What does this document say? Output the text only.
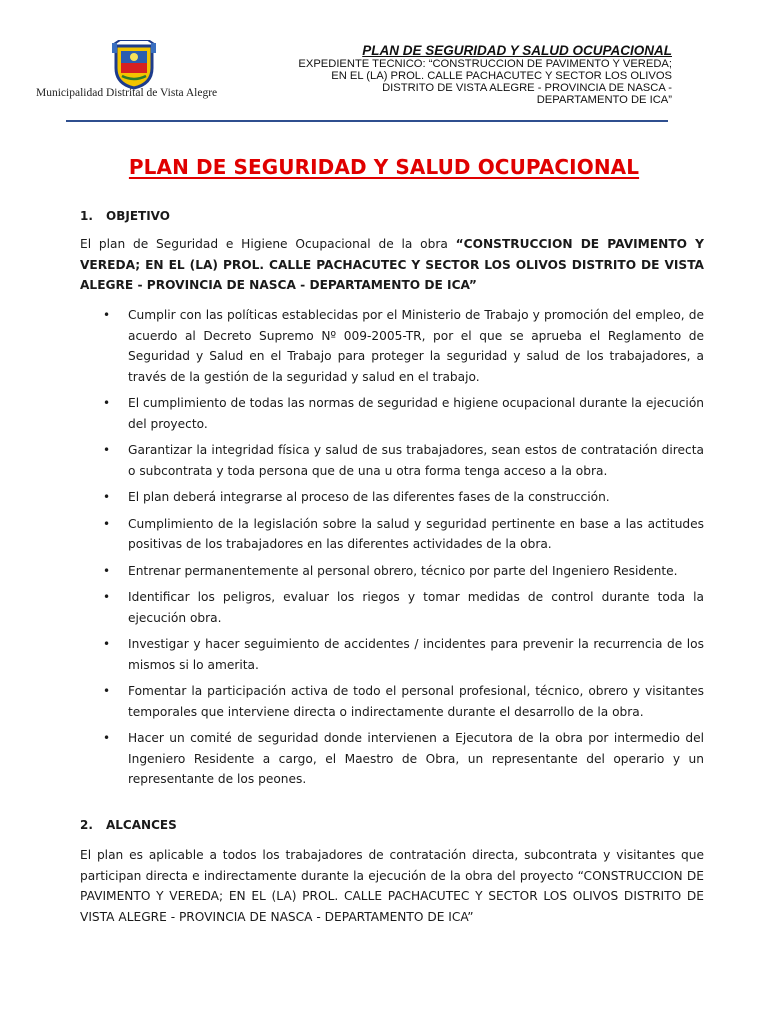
Municipalidad Distrital de Vista Alegre
PLAN DE SEGURIDAD Y SALUD OCUPACIONAL
EXPEDIENTE TECNICO: “CONSTRUCCION DE PAVIMENTO Y VEREDA; EN EL (LA) PROL. CALLE PACHACUTEC Y SECTOR LOS OLIVOS DISTRITO DE VISTA ALEGRE - PROVINCIA DE NASCA - DEPARTAMENTO DE ICA”
PLAN DE SEGURIDAD Y SALUD OCUPACIONAL
1. OBJETIVO
El plan de Seguridad e Higiene Ocupacional de la obra “CONSTRUCCION DE PAVIMENTO Y VEREDA; EN EL (LA) PROL. CALLE PACHACUTEC Y SECTOR LOS OLIVOS DISTRITO DE VISTA ALEGRE - PROVINCIA DE NASCA - DEPARTAMENTO DE ICA”
• Cumplir con las políticas establecidas por el Ministerio de Trabajo y promoción del empleo, de acuerdo al Decreto Supremo Nº 009-2005-TR, por el que se aprueba el Reglamento de Seguridad y Salud en el Trabajo para proteger la seguridad y salud de los trabajadores, a través de la gestión de la seguridad y salud en el trabajo.
• El cumplimiento de todas las normas de seguridad e higiene ocupacional durante la ejecución del proyecto.
• Garantizar la integridad física y salud de sus trabajadores, sean estos de contratación directa o subcontrata y toda persona que de una u otra forma tenga acceso a la obra.
• El plan deberá integrarse al proceso de las diferentes fases de la construcción.
• Cumplimiento de la legislación sobre la salud y seguridad pertinente en base a las actitudes positivas de los trabajadores en las diferentes actividades de la obra.
• Entrenar permanentemente al personal obrero, técnico por parte del Ingeniero Residente.
• Identificar los peligros, evaluar los riegos y tomar medidas de control durante toda la ejecución obra.
• Investigar y hacer seguimiento de accidentes / incidentes para prevenir la recurrencia de los mismos si lo amerita.
• Fomentar la participación activa de todo el personal profesional, técnico, obrero y visitantes temporales que interviene directa o indirectamente durante el desarrollo de la obra.
• Hacer un comité de seguridad donde intervienen a Ejecutora de la obra por intermedio del Ingeniero Residente a cargo, el Maestro de Obra, un representante del operario y un representante de los peones.
2. ALCANCES
El plan es aplicable a todos los trabajadores de contratación directa, subcontrata y visitantes que participan directa e indirectamente durante la ejecución de la obra del proyecto “CONSTRUCCION DE PAVIMENTO Y VEREDA; EN EL (LA) PROL. CALLE PACHACUTEC Y SECTOR LOS OLIVOS DISTRITO DE VISTA ALEGRE - PROVINCIA DE NASCA - DEPARTAMENTO DE ICA”
